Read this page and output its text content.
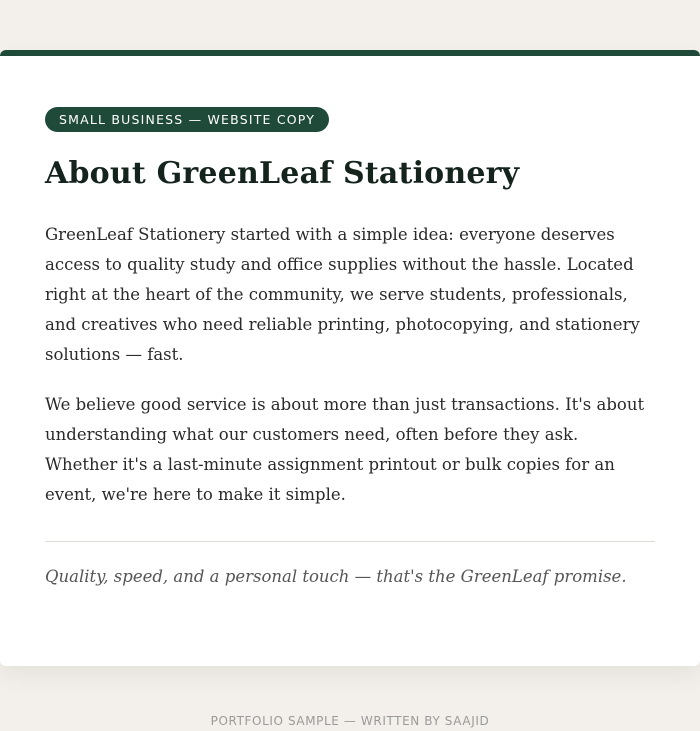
SMALL BUSINESS — WEBSITE COPY
About GreenLeaf Stationery

GreenLeaf Stationery started with a simple idea: everyone deserves access to quality study and office supplies without the hassle. Located right at the heart of the community, we serve students, professionals, and creatives who need reliable printing, photocopying, and stationery solutions — fast.

We believe good service is about more than just transactions. It's about understanding what our customers need, often before they ask. Whether it's a last-minute assignment printout or bulk copies for an event, we're here to make it simple.

Quality, speed, and a personal touch — that's the GreenLeaf promise.

PORTFOLIO SAMPLE — WRITTEN BY SAAJID
